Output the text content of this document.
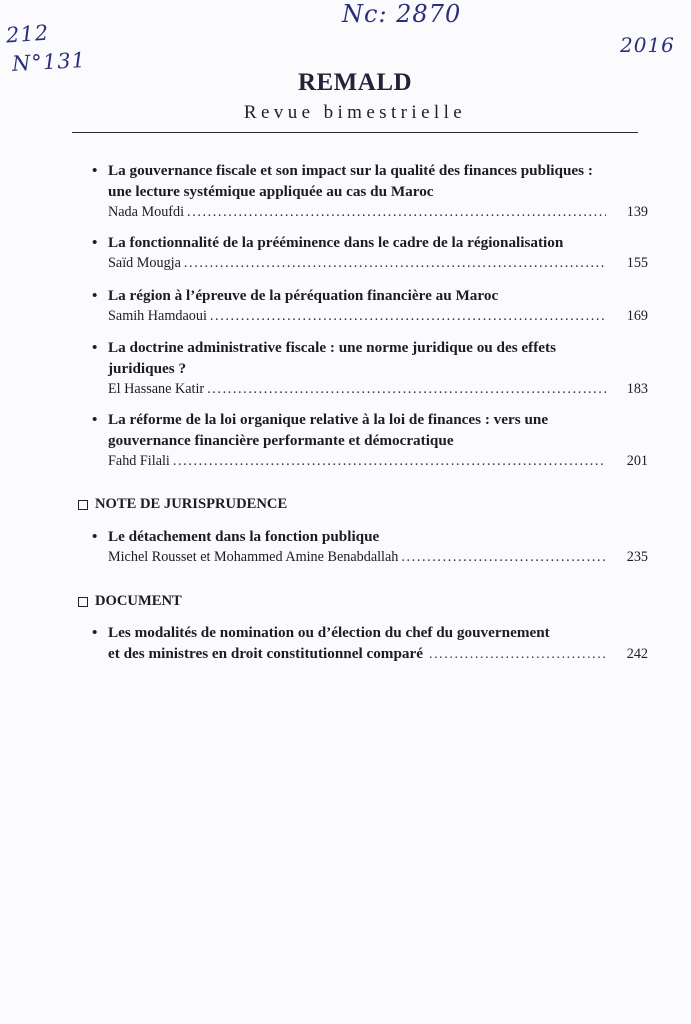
212
N°131
Nc: 2870
2016
REMALD
Revue bimestrielle
• La gouvernance fiscale et son impact sur la qualité des finances publiques :
une lecture systémique appliquée au cas du Maroc
Nada Moufdi .....	139
• La fonctionnalité de la prééminence dans le cadre de la régionalisation
Saïd Mougja .....	155
• La région à l’épreuve de la péréquation financière au Maroc
Samih Hamdaoui .....	169
• La doctrine administrative fiscale : une norme juridique ou des effets
juridiques ?
El Hassane Katir .....	183
• La réforme de la loi organique relative à la loi de finances : vers une
gouvernance financière performante et démocratique
Fahd Filali .....	201
NOTE DE JURISPRUDENCE
• Le détachement dans la fonction publique
Michel Rousset et Mohammed Amine Benabdallah .....	235
DOCUMENT
• Les modalités de nomination ou d’élection du chef du gouvernement
et des ministres en droit constitutionnel comparé .....	242
